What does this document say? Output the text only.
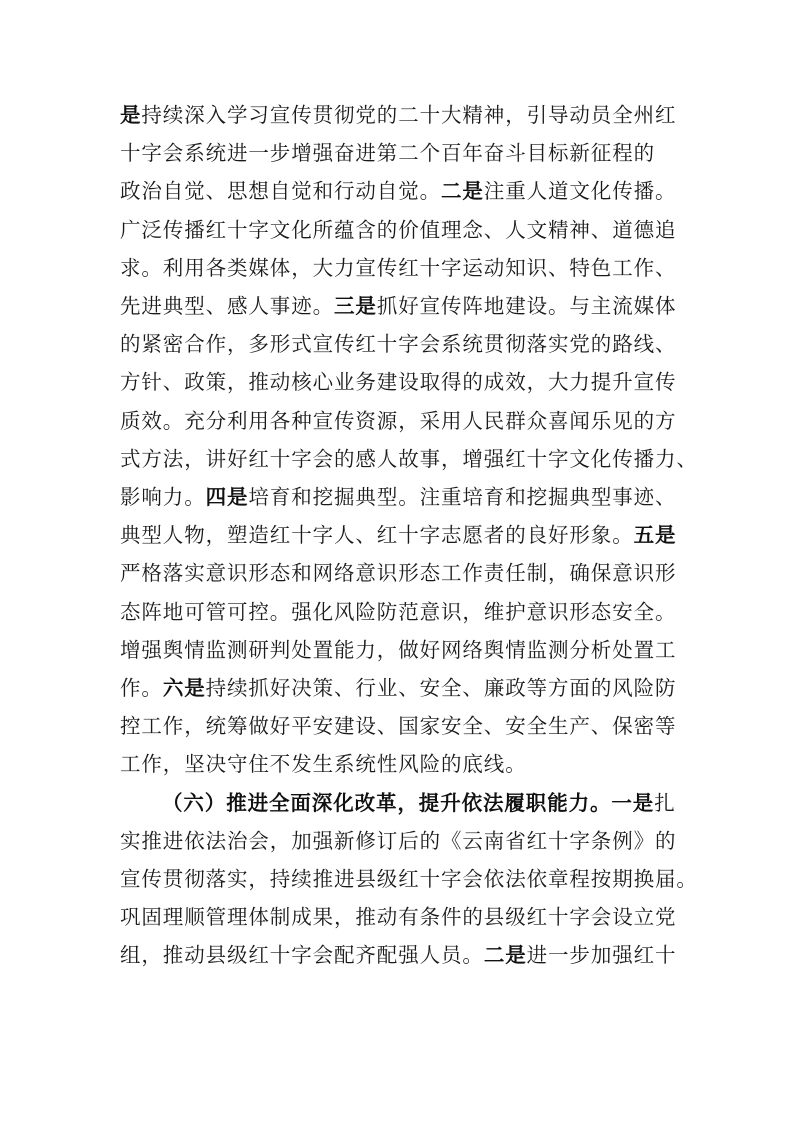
是持续深入学习宣传贯彻党的二十大精神，引导动员全州红
十字会系统进一步增强奋进第二个百年奋斗目标新征程的
政治自觉、思想自觉和行动自觉。二是注重人道文化传播。
广泛传播红十字文化所蕴含的价值理念、人文精神、道德追
求。利用各类媒体，大力宣传红十字运动知识、特色工作、
先进典型、感人事迹。三是抓好宣传阵地建设。与主流媒体
的紧密合作，多形式宣传红十字会系统贯彻落实党的路线、
方针、政策，推动核心业务建设取得的成效，大力提升宣传
质效。充分利用各种宣传资源，采用人民群众喜闻乐见的方
式方法，讲好红十字会的感人故事，增强红十字文化传播力、
影响力。四是培育和挖掘典型。注重培育和挖掘典型事迹、
典型人物，塑造红十字人、红十字志愿者的良好形象。五是
严格落实意识形态和网络意识形态工作责任制，确保意识形
态阵地可管可控。强化风险防范意识，维护意识形态安全。
增强舆情监测研判处置能力，做好网络舆情监测分析处置工
作。六是持续抓好决策、行业、安全、廉政等方面的风险防
控工作，统筹做好平安建设、国家安全、安全生产、保密等
工作，坚决守住不发生系统性风险的底线。
（六）推进全面深化改革，提升依法履职能力。一是扎
实推进依法治会，加强新修订后的《云南省红十字条例》的
宣传贯彻落实，持续推进县级红十字会依法依章程按期换届。
巩固理顺管理体制成果，推动有条件的县级红十字会设立党
组，推动县级红十字会配齐配强人员。二是进一步加强红十
